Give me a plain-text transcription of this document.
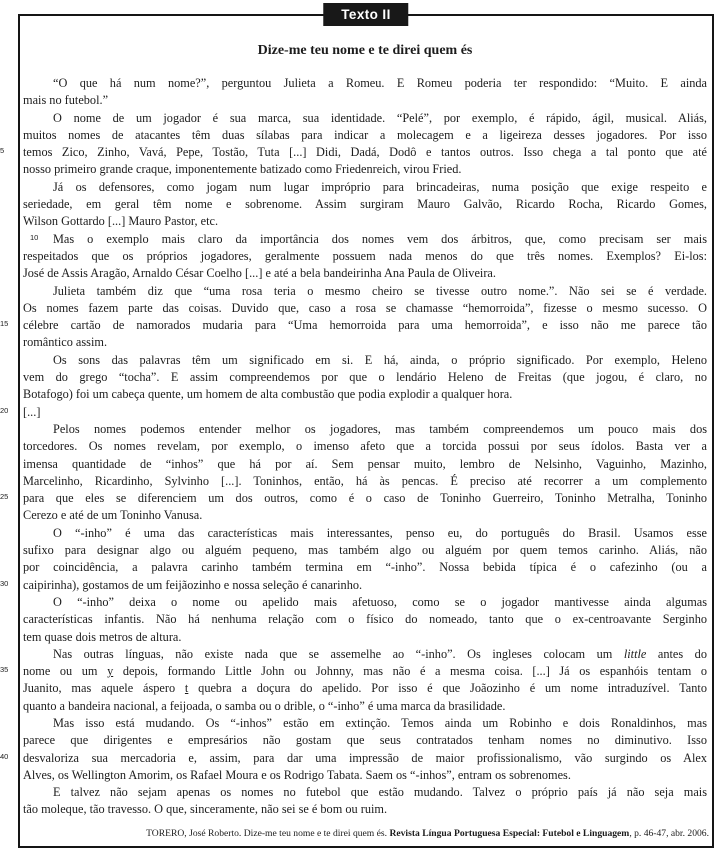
Texto II
Dize-me teu nome e te direi quem és
“O que há num nome?”, perguntou Julieta a Romeu. E Romeu poderia ter respondido: “Muito. E ainda
mais no futebol.”
O nome de um jogador é sua marca, sua identidade. “Pelé”, por exemplo, é rápido, ágil, musical. Aliás,
muitos nomes de atacantes têm duas sílabas para indicar a molecagem e a ligeireza desses jogadores. Por isso
5	temos Zico, Zinho, Vavá, Pepe, Tostão, Tuta [...] Didi, Dadá, Dodô e tantos outros. Isso chega a tal ponto que até
nosso primeiro grande craque, imponentemente batizado como Friedenreich, virou Fried.
Já os defensores, como jogam num lugar impróprio para brincadeiras, numa posição que exige respeito e
seriedade, em geral têm nome e sobrenome. Assim surgiram Mauro Galvão, Ricardo Rocha, Ricardo Gomes,
Wilson Gottardo [...] Mauro Pastor, etc.
10 Mas o exemplo mais claro da importância dos nomes vem dos árbitros, que, como precisam ser mais
respeitados que os próprios jogadores, geralmente possuem nada menos do que três nomes. Exemplos? Ei-los:
José de Assis Aragão, Arnaldo César Coelho [...] e até a bela bandeirinha Ana Paula de Oliveira.
Julieta também diz que “uma rosa teria o mesmo cheiro se tivesse outro nome.”. Não sei se é verdade.
Os nomes fazem parte das coisas. Duvido que, caso a rosa se chamasse “hemorroida”, fizesse o mesmo sucesso. O
15	célebre cartão de namorados mudaria para “Uma hemorroida para uma hemorroida”, e isso não me parece tão
romântico assim.
Os sons das palavras têm um significado em si. E há, ainda, o próprio significado. Por exemplo, Heleno
vem do grego “tocha”. E assim compreendemos por que o lendário Heleno de Freitas (que jogou, é claro, no
Botafogo) foi um cabeça quente, um homem de alta combustão que podia explodir a qualquer hora.
20	[...]
Pelos nomes podemos entender melhor os jogadores, mas também compreendemos um pouco mais dos
torcedores. Os nomes revelam, por exemplo, o imenso afeto que a torcida possui por seus ídolos. Basta ver a
imensa quantidade de “inhos” que há por aí. Sem pensar muito, lembro de Nelsinho, Vaguinho, Mazinho,
Marcelinho, Ricardinho, Sylvinho [...]. Toninhos, então, há às pencas. É preciso até recorrer a um complemento
25	para que eles se diferenciem um dos outros, como é o caso de Toninho Guerreiro, Toninho Metralha, Toninho
Cerezo e até de um Toninho Vanusa.
O “-inho” é uma das características mais interessantes, penso eu, do português do Brasil. Usamos esse
sufixo para designar algo ou alguém pequeno, mas também algo ou alguém por quem temos carinho. Aliás, não
por coincidência, a palavra carinho também termina em “-inho”. Nossa bebida típica é o cafezinho (ou a
30	caipirinha), gostamos de um feijãozinho e nossa seleção é canarinho.
O “-inho” deixa o nome ou apelido mais afetuoso, como se o jogador mantivesse ainda algumas
características infantis. Não há nenhuma relação com o físico do nomeado, tanto que o ex-centroavante Serginho
tem quase dois metros de altura.
Nas outras línguas, não existe nada que se assemelhe ao “-inho”. Os ingleses colocam um little antes do
35	nome ou um y depois, formando Little John ou Johnny, mas não é a mesma coisa. [...] Já os espanhóis tentam o
Juanito, mas aquele áspero t quebra a doçura do apelido. Por isso é que Joãozinho é um nome intraduzível. Tanto
quanto a bandeira nacional, a feijoada, o samba ou o drible, o “-inho” é uma marca da brasilidade.
Mas isso está mudando. Os “-inhos” estão em extinção. Temos ainda um Robinho e dois Ronaldinhos, mas
parece que dirigentes e empresários não gostam que seus contratados tenham nomes no diminutivo. Isso
40	desvaloriza sua mercadoria e, assim, para dar uma impressão de maior profissionalismo, vão surgindo os Alex
Alves, os Wellington Amorim, os Rafael Moura e os Rodrigo Tabata. Saem os “-inhos”, entram os sobrenomes.
E talvez não sejam apenas os nomes no futebol que estão mudando. Talvez o próprio país já não seja mais
tão moleque, tão travesso. O que, sinceramente, não sei se é bom ou ruim.
TORERO, José Roberto. Dize-me teu nome e te direi quem és. Revista Língua Portuguesa Especial: Futebol e Linguagem, p. 46-47, abr. 2006.
